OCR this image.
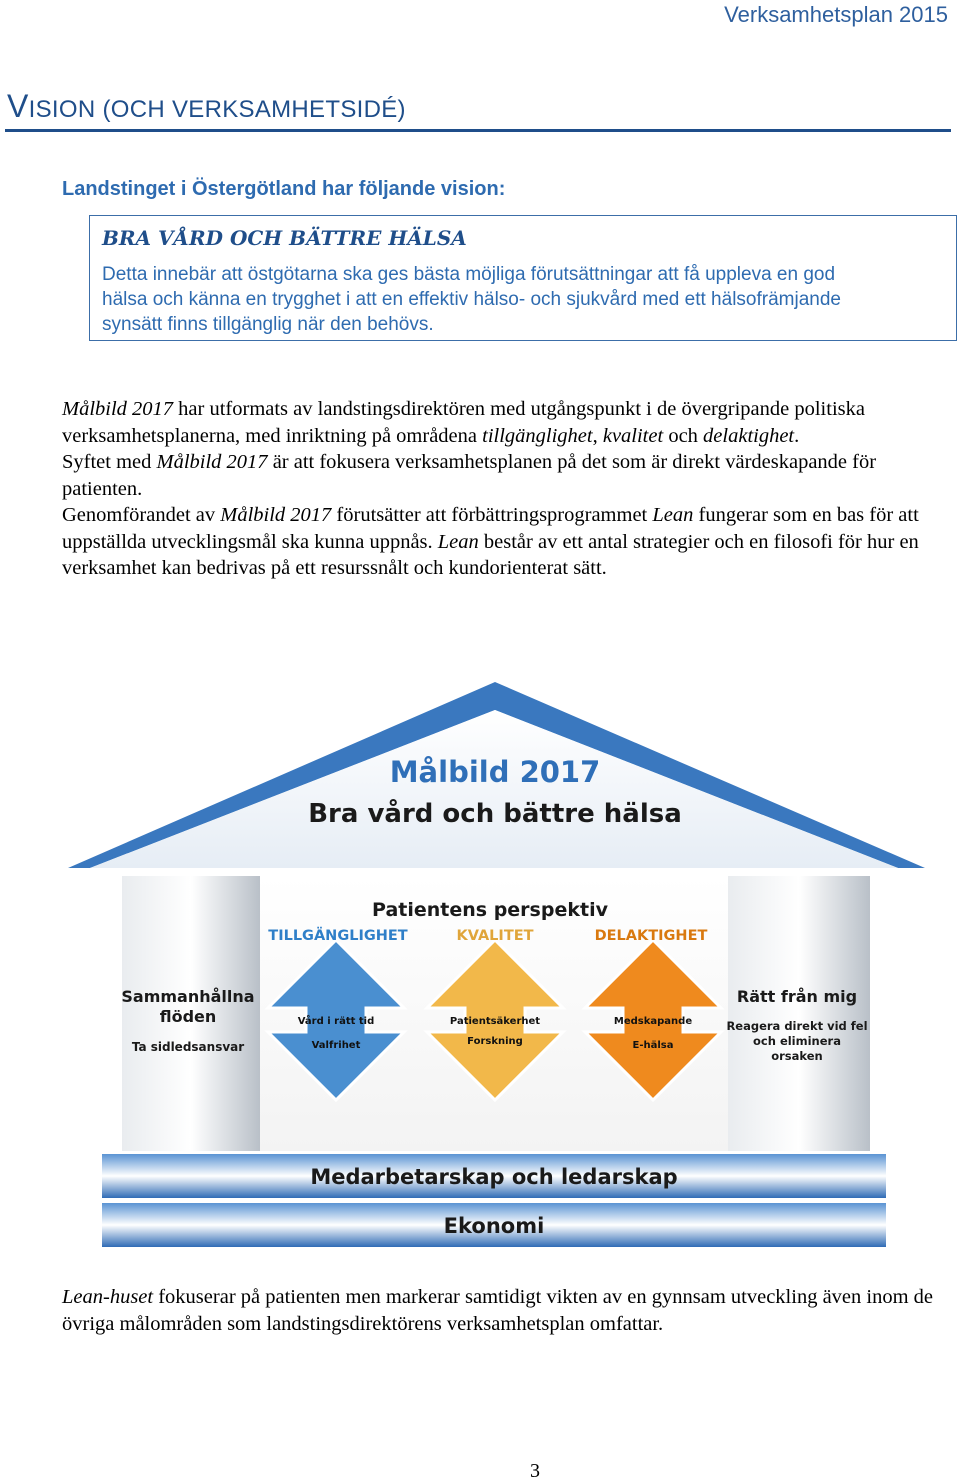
Verksamhetsplan 2015
VISION (OCH VERKSAMHETSIDÉ)
Landstinget i Östergötland har följande vision:
BRA VÅRD OCH BÄTTRE HÄLSA
Detta innebär att östgötarna ska ges bästa möjliga förutsättningar att få uppleva en god
hälsa och känna en trygghet i att en effektiv hälso- och sjukvård med ett hälsofrämjande
synsätt finns tillgänglig när den behövs.
Målbild 2017 har utformats av landstingsdirektören med utgångspunkt i de övergripande politiska verksamhetsplanerna, med inriktning på områdena tillgänglighet, kvalitet och delaktighet.
Syftet med Målbild 2017 är att fokusera verksamhetsplanen på det som är direkt värdeskapande för patienten.
Genomförandet av Målbild 2017 förutsätter att förbättringsprogrammet Lean fungerar som en bas för att uppställda utvecklingsmål ska kunna uppnås. Lean består av ett antal strategier och en filosofi för hur en verksamhet kan bedrivas på ett resurssnålt och kundorienterat sätt.
Målbild 2017
Bra vård och bättre hälsa
Patientens perspektiv
TILLGÄNGLIGHET	KVALITET	DELAKTIGHET
Vård i rätt tid
Valfrihet
Patientsäkerhet
Forskning
Medskapande
E-hälsa
Sammanhållna
flöden
Ta sidledsansvar
Rätt från mig
Reagera direkt vid fel
och eliminera
orsaken
Medarbetarskap och ledarskap
Ekonomi
Lean-huset fokuserar på patienten men markerar samtidigt vikten av en gynnsam utveckling även inom de övriga målområden som landstingsdirektörens verksamhetsplan omfattar.
3
